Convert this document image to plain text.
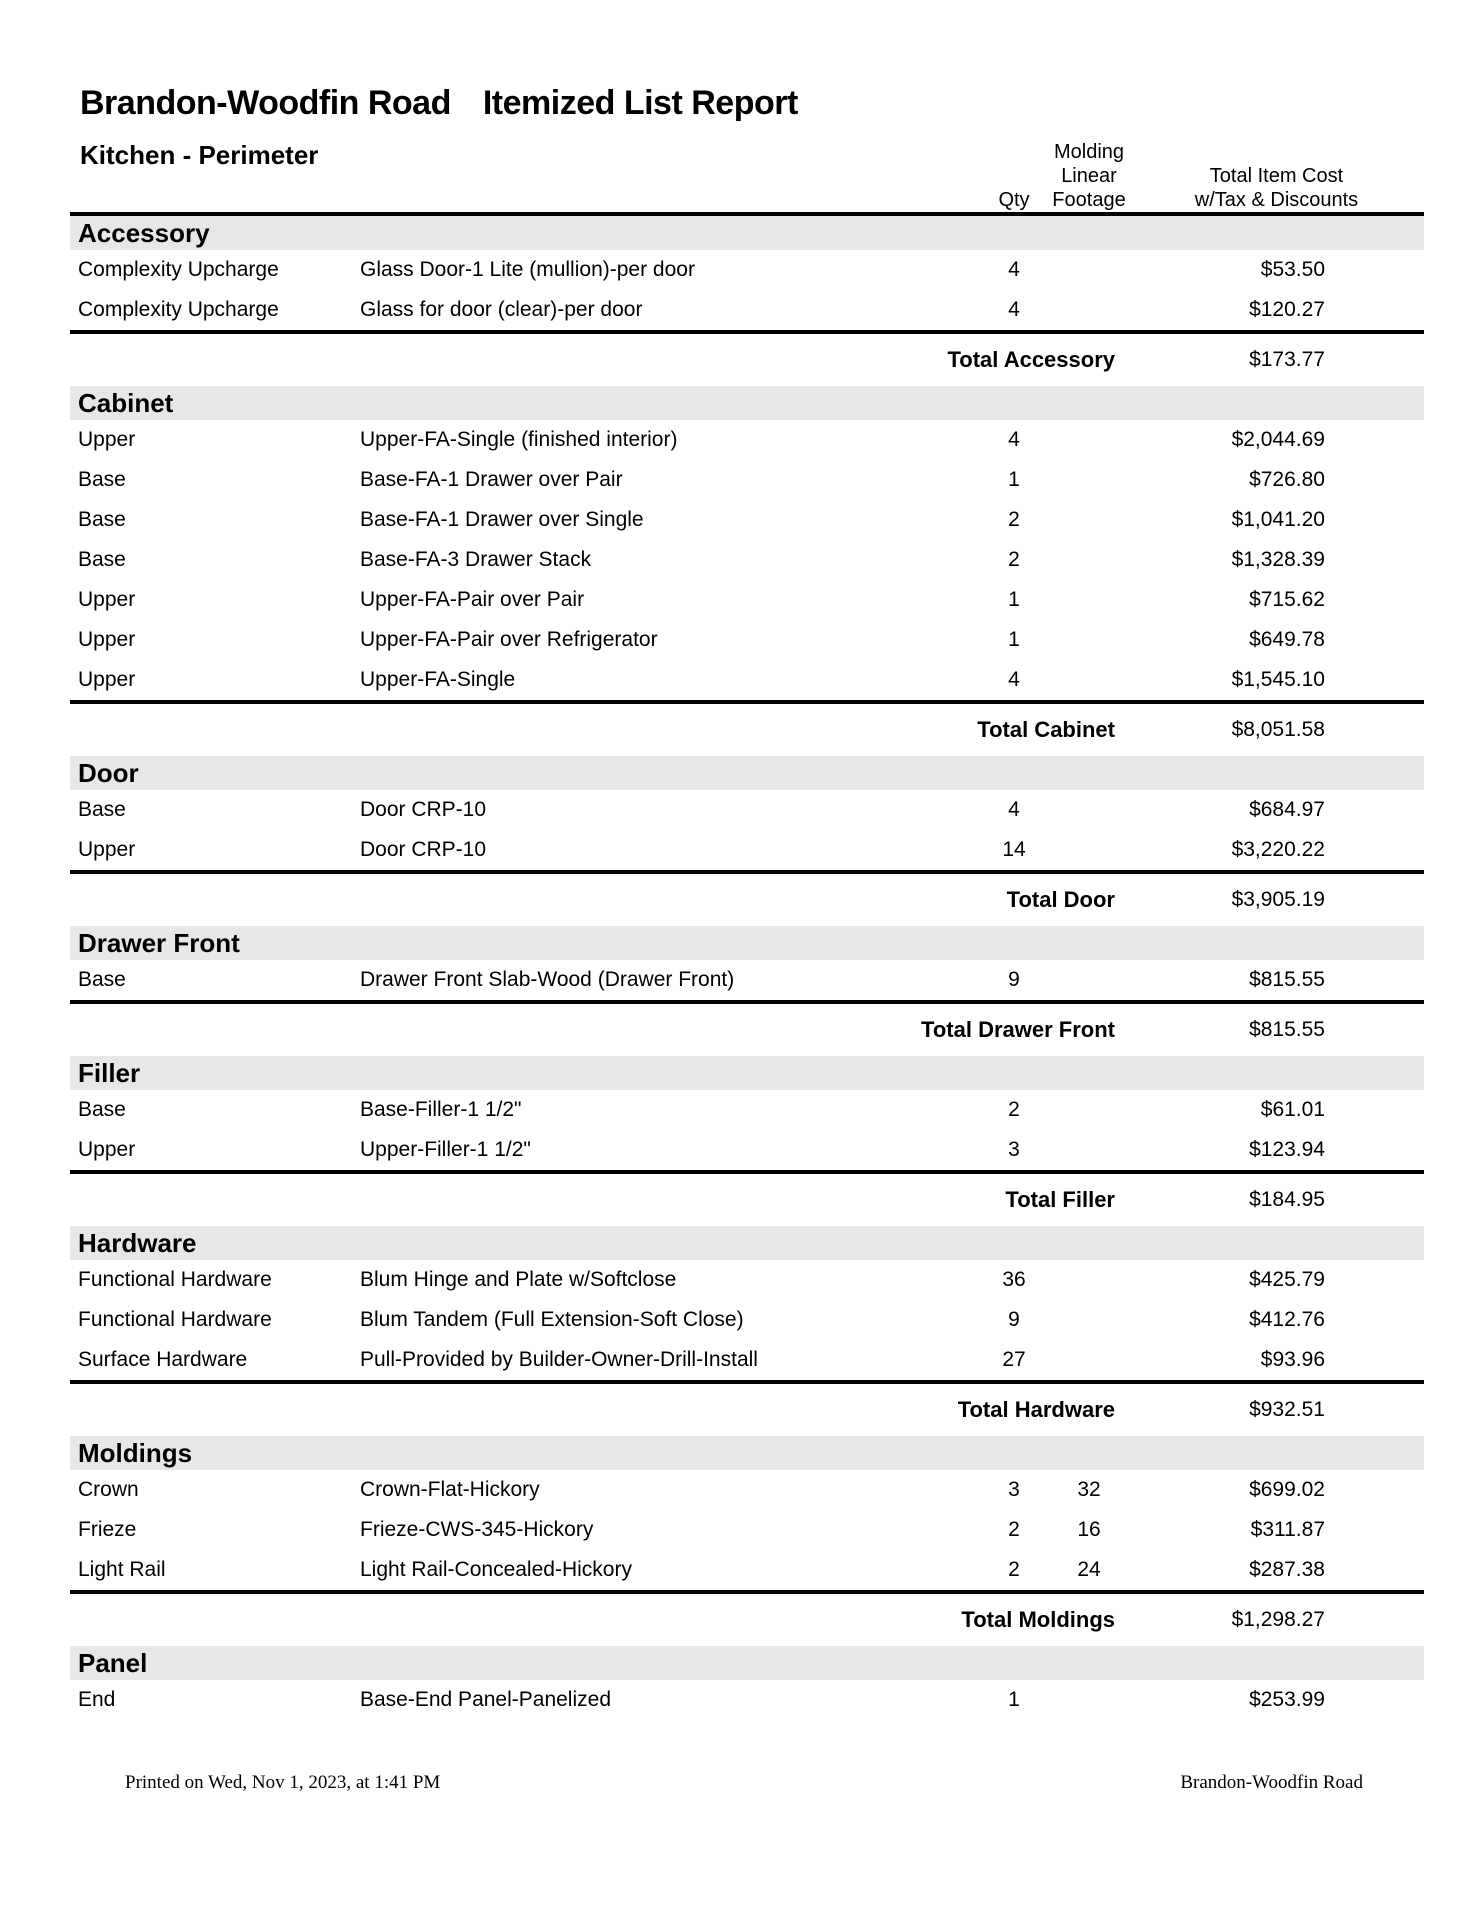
Brandon-Woodfin Road Itemized List Report
Kitchen - Perimeter
Qty
Molding
Linear
Footage
Total Item Cost
w/Tax & Discounts
Accessory
Complexity Upcharge	Glass Door-1 Lite (mullion)-per door	4	$53.50
Complexity Upcharge	Glass for door (clear)-per door	4	$120.27
Total Accessory	$173.77
Cabinet
Upper	Upper-FA-Single (finished interior)	4	$2,044.69
Base	Base-FA-1 Drawer over Pair	1	$726.80
Base	Base-FA-1 Drawer over Single	2	$1,041.20
Base	Base-FA-3 Drawer Stack	2	$1,328.39
Upper	Upper-FA-Pair over Pair	1	$715.62
Upper	Upper-FA-Pair over Refrigerator	1	$649.78
Upper	Upper-FA-Single	4	$1,545.10
Total Cabinet	$8,051.58
Door
Base	Door CRP-10	4	$684.97
Upper	Door CRP-10	14	$3,220.22
Total Door	$3,905.19
Drawer Front
Base	Drawer Front Slab-Wood (Drawer Front)	9	$815.55
Total Drawer Front	$815.55
Filler
Base	Base-Filler-1 1/2"	2	$61.01
Upper	Upper-Filler-1 1/2"	3	$123.94
Total Filler	$184.95
Hardware
Functional Hardware	Blum Hinge and Plate w/Softclose	36	$425.79
Functional Hardware	Blum Tandem (Full Extension-Soft Close)	9	$412.76
Surface Hardware	Pull-Provided by Builder-Owner-Drill-Install	27	$93.96
Total Hardware	$932.51
Moldings
Crown	Crown-Flat-Hickory	3	32	$699.02
Frieze	Frieze-CWS-345-Hickory	2	16	$311.87
Light Rail	Light Rail-Concealed-Hickory	2	24	$287.38
Total Moldings	$1,298.27
Panel
End	Base-End Panel-Panelized	1	$253.99
Printed on Wed, Nov 1, 2023, at 1:41 PM	Brandon-Woodfin Road
